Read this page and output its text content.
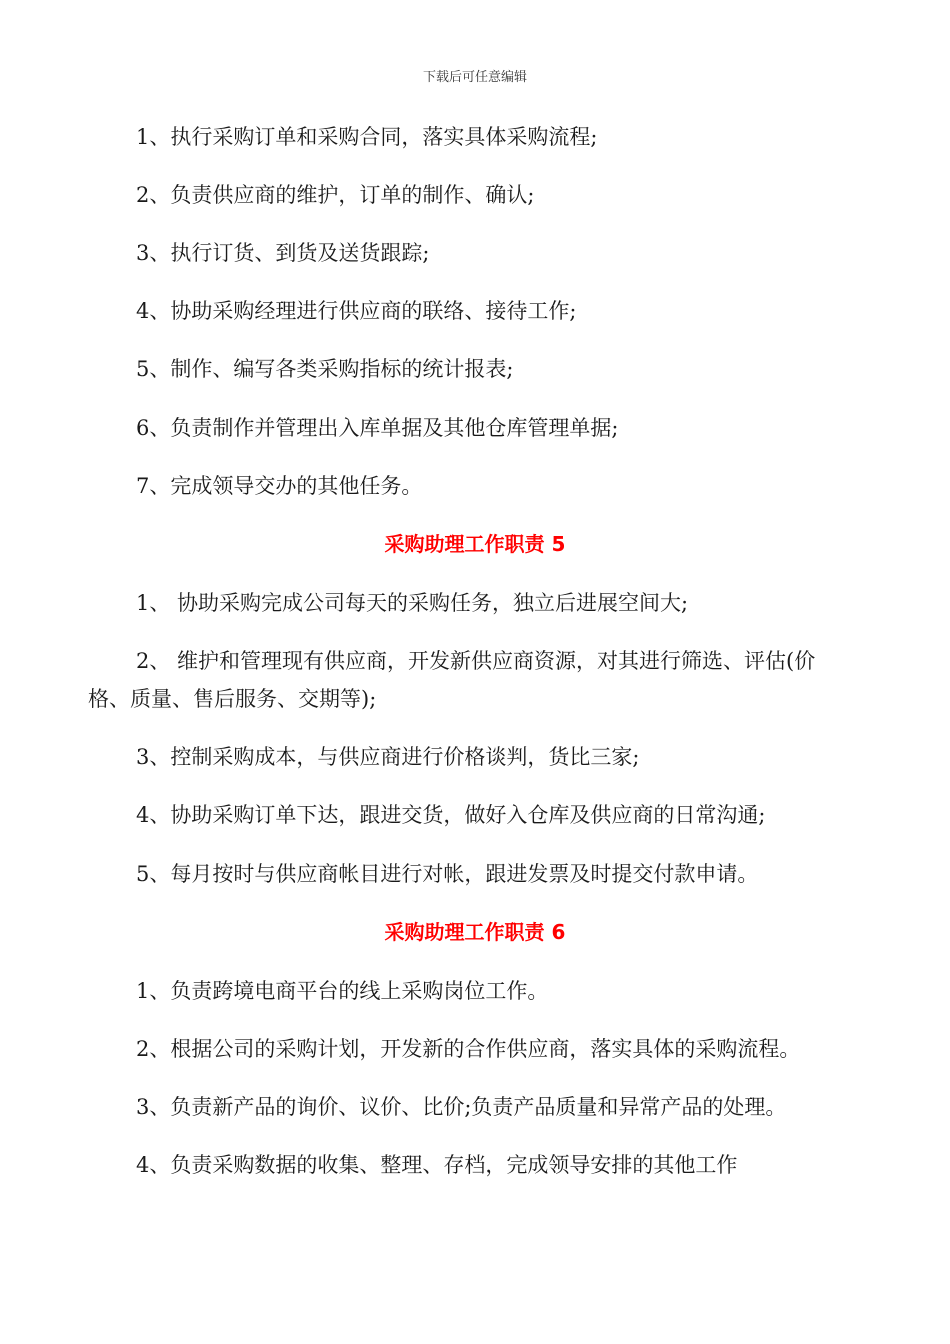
下载后可任意编辑
1、执行采购订单和采购合同，落实具体采购流程;
2、负责供应商的维护，订单的制作、确认;
3、执行订货、到货及送货跟踪;
4、协助采购经理进行供应商的联络、接待工作;
5、制作、编写各类采购指标的统计报表;
6、负责制作并管理出入库单据及其他仓库管理单据;
7、完成领导交办的其他任务。
采购助理工作职责 5
1、 协助采购完成公司每天的采购任务，独立后进展空间大;
2、 维护和管理现有供应商，开发新供应商资源，对其进行筛选、评估(价
格、质量、售后服务、交期等);
3、控制采购成本，与供应商进行价格谈判，货比三家;
4、协助采购订单下达，跟进交货，做好入仓库及供应商的日常沟通;
5、每月按时与供应商帐目进行对帐，跟进发票及时提交付款申请。
采购助理工作职责 6
1、负责跨境电商平台的线上采购岗位工作。
2、根据公司的采购计划，开发新的合作供应商，落实具体的采购流程。
3、负责新产品的询价、议价、比价;负责产品质量和异常产品的处理。
4、负责采购数据的收集、整理、存档，完成领导安排的其他工作
